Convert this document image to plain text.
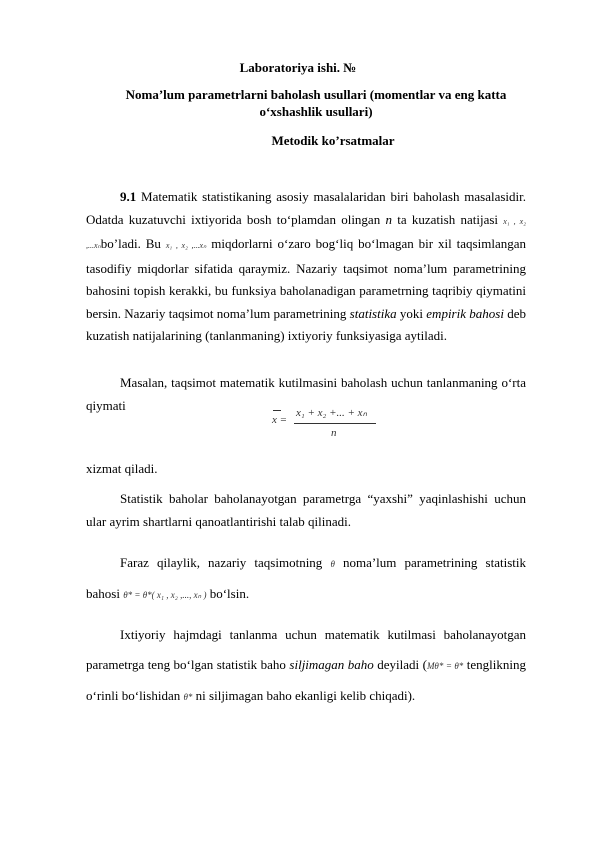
Laboratoriya ishi. №
Noma’lum parametrlarni baholash usullari (momentlar va eng katta o‘xshashlik usullari)
Metodik ko’rsatmalar

9.1 Matematik statistikaning asosiy masalalaridan biri baholash masalasidir. Odatda kuzatuvchi ixtiyorida bosh to‘plamdan olingan n ta kuzatish natijasi x₁ , x₂ ,...xₙbo’ladi. Bu x₁ , x₂ ,...xₙ miqdorlarni o‘zaro bog‘liq bo‘lmagan bir xil taqsimlangan tasodifiy miqdorlar sifatida qaraymiz. Nazariy taqsimot noma’lum parametrining bahosini topish kerakki, bu funksiya baholanadigan parametrning taqribiy qiymatini bersin. Nazariy taqsimot noma’lum parametrining statistika yoki empirik bahosi deb kuzatish natijalarining (tanlanmaning) ixtiyoriy funksiyasiga aytiladi.

Masalan, taqsimot matematik kutilmasini baholash uchun tanlanmaning o‘rta qiymati

x =
x₁ + x₂ +... + xₙ
n

xizmat qiladi.

Statistik baholar baholanayotgan parametrga “yaxshi” yaqinlashishi uchun ular ayrim shartlarni qanoatlantirishi talab qilinadi.

Faraz qilaylik, nazariy taqsimotning θ noma’lum parametrining statistik bahosi θ* = θ*( x₁ , x₂ ,..., xₙ ) bo‘lsin.

Ixtiyoriy hajmdagi tanlanma uchun matematik kutilmasi baholanayotgan parametrga teng bo‘lgan statistik baho siljimagan baho deyiladi (Mθ* = θ* tenglikning o‘rinli bo‘lishidan θ* ni siljimagan baho ekanligi kelib chiqadi).
